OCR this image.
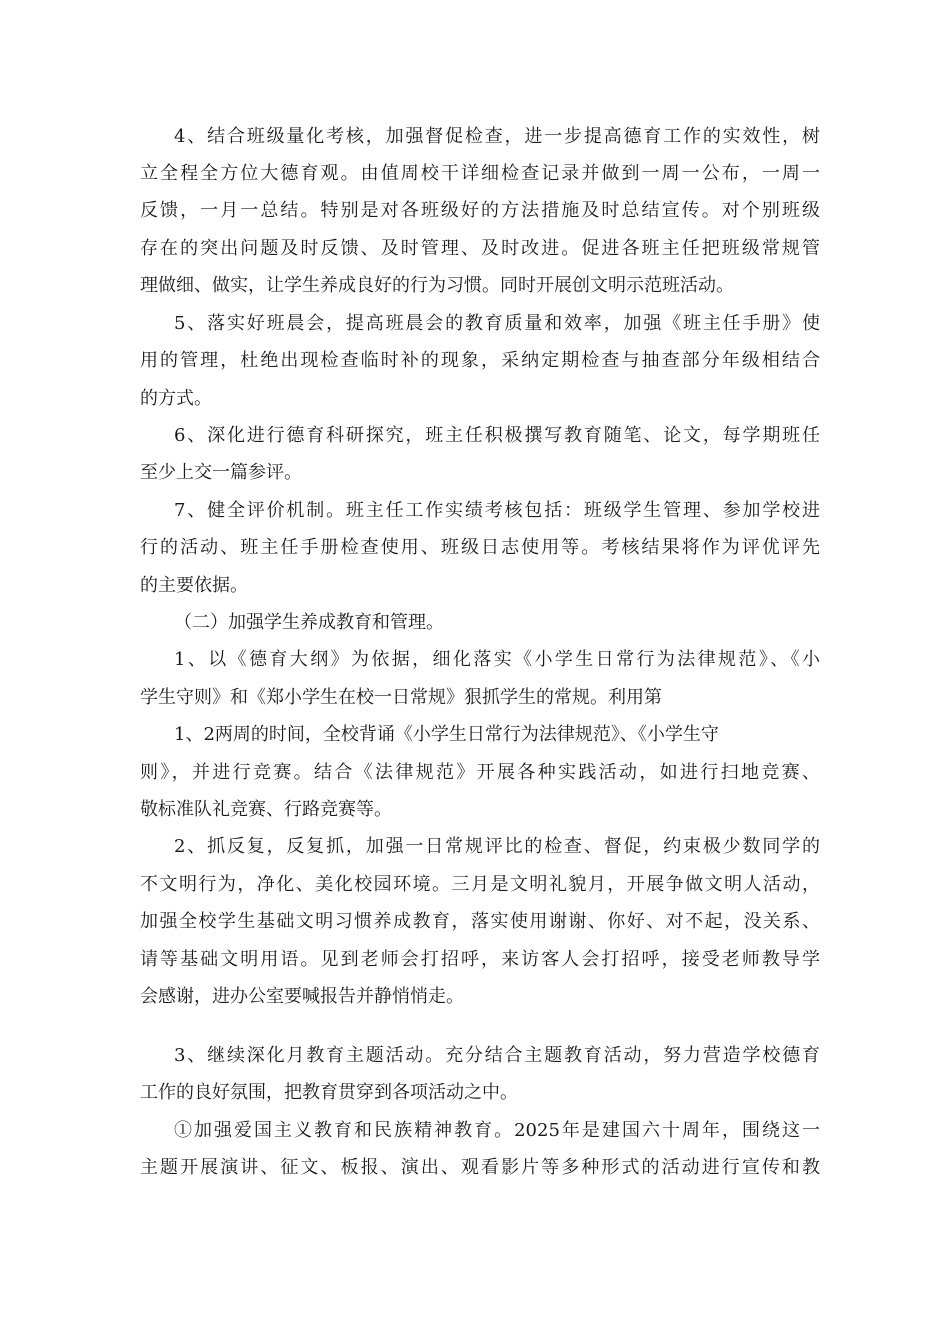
4、结合班级量化考核，加强督促检查，进一步提高德育工作的实效性，树
立全程全方位大德育观。由值周校干详细检查记录并做到一周一公布，一周一
反馈，一月一总结。特别是对各班级好的方法措施及时总结宣传。对个别班级
存在的突出问题及时反馈、及时管理、及时改进。促进各班主任把班级常规管
理做细、做实，让学生养成良好的行为习惯。同时开展创文明示范班活动。
5、落实好班晨会，提高班晨会的教育质量和效率，加强《班主任手册》使
用的管理，杜绝出现检查临时补的现象，采纳定期检查与抽查部分年级相结合
的方式。
6、深化进行德育科研探究，班主任积极撰写教育随笔、论文，每学期班任
至少上交一篇参评。
7、健全评价机制。班主任工作实绩考核包括：班级学生管理、参加学校进
行的活动、班主任手册检查使用、班级日志使用等。考核结果将作为评优评先
的主要依据。
（二）加强学生养成教育和管理。
1、以《德育大纲》为依据，细化落实《小学生日常行为法律规范》、《小
学生守则》和《郑小学生在校一日常规》狠抓学生的常规。利用第
1、2两周的时间，全校背诵《小学生日常行为法律规范》、《小学生守
则》，并进行竞赛。结合《法律规范》开展各种实践活动，如进行扫地竞赛、
敬标准队礼竞赛、行路竞赛等。
2、抓反复，反复抓，加强一日常规评比的检查、督促，约束极少数同学的
不文明行为，净化、美化校园环境。三月是文明礼貌月，开展争做文明人活动，
加强全校学生基础文明习惯养成教育，落实使用谢谢、你好、对不起，没关系、
请等基础文明用语。见到老师会打招呼，来访客人会打招呼，接受老师教导学
会感谢，进办公室要喊报告并静悄悄走。
3、继续深化月教育主题活动。充分结合主题教育活动，努力营造学校德育
工作的良好氛围，把教育贯穿到各项活动之中。
①加强爱国主义教育和民族精神教育。2025年是建国六十周年，围绕这一
主题开展演讲、征文、板报、演出、观看影片等多种形式的活动进行宣传和教
